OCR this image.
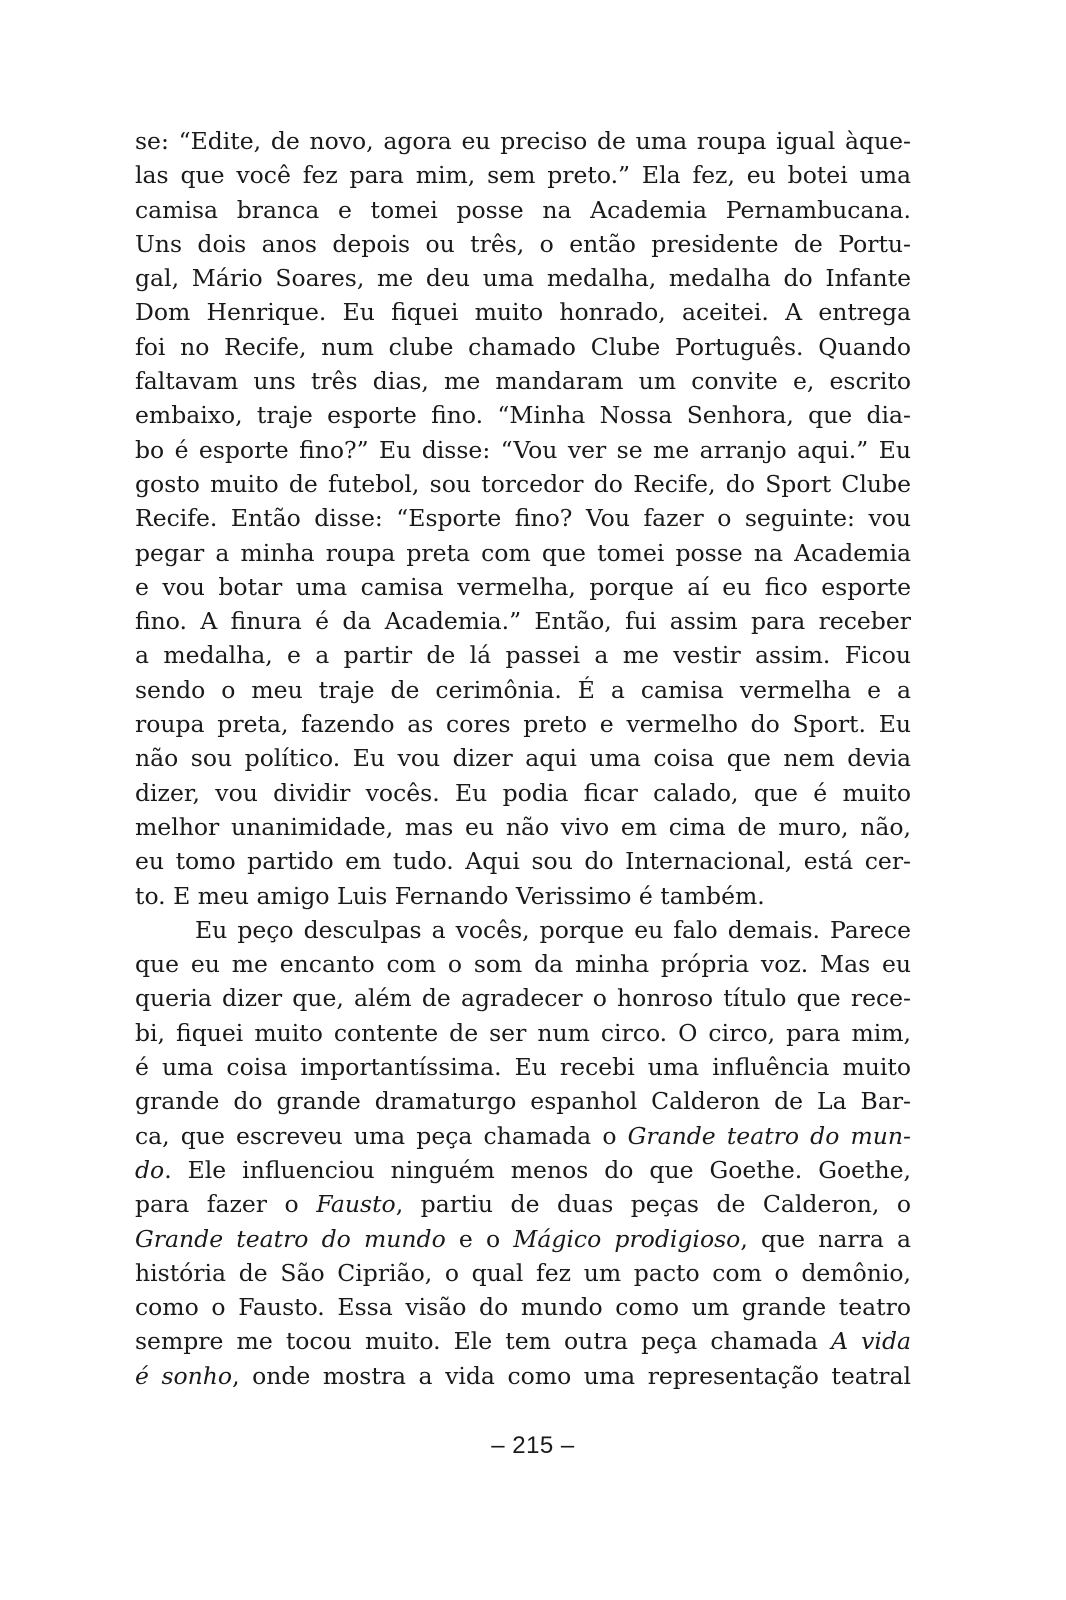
se: “Edite, de novo, agora eu preciso de uma roupa igual àque-
las que você fez para mim, sem preto.” Ela fez, eu botei uma
camisa branca e tomei posse na Academia Pernambucana.
Uns dois anos depois ou três, o então presidente de Portu-
gal, Mário Soares, me deu uma medalha, medalha do Infante
Dom Henrique. Eu fiquei muito honrado, aceitei. A entrega
foi no Recife, num clube chamado Clube Português. Quando
faltavam uns três dias, me mandaram um convite e, escrito
embaixo, traje esporte fino. “Minha Nossa Senhora, que dia-
bo é esporte fino?” Eu disse: “Vou ver se me arranjo aqui.” Eu
gosto muito de futebol, sou torcedor do Recife, do Sport Clube
Recife. Então disse: “Esporte fino? Vou fazer o seguinte: vou
pegar a minha roupa preta com que tomei posse na Academia
e vou botar uma camisa vermelha, porque aí eu fico esporte
fino. A finura é da Academia.” Então, fui assim para receber
a medalha, e a partir de lá passei a me vestir assim. Ficou
sendo o meu traje de cerimônia. É a camisa vermelha e a
roupa preta, fazendo as cores preto e vermelho do Sport. Eu
não sou político. Eu vou dizer aqui uma coisa que nem devia
dizer, vou dividir vocês. Eu podia ficar calado, que é muito
melhor unanimidade, mas eu não vivo em cima de muro, não,
eu tomo partido em tudo. Aqui sou do Internacional, está cer-
to. E meu amigo Luis Fernando Verissimo é também.
Eu peço desculpas a vocês, porque eu falo demais. Parece
que eu me encanto com o som da minha própria voz. Mas eu
queria dizer que, além de agradecer o honroso título que rece-
bi, fiquei muito contente de ser num circo. O circo, para mim,
é uma coisa importantíssima. Eu recebi uma influência muito
grande do grande dramaturgo espanhol Calderon de La Bar-
ca, que escreveu uma peça chamada o Grande teatro do mun-
do. Ele influenciou ninguém menos do que Goethe. Goethe,
para fazer o Fausto, partiu de duas peças de Calderon, o
Grande teatro do mundo e o Mágico prodigioso, que narra a
história de São Ciprião, o qual fez um pacto com o demônio,
como o Fausto. Essa visão do mundo como um grande teatro
sempre me tocou muito. Ele tem outra peça chamada A vida
é sonho, onde mostra a vida como uma representação teatral
– 215 –
